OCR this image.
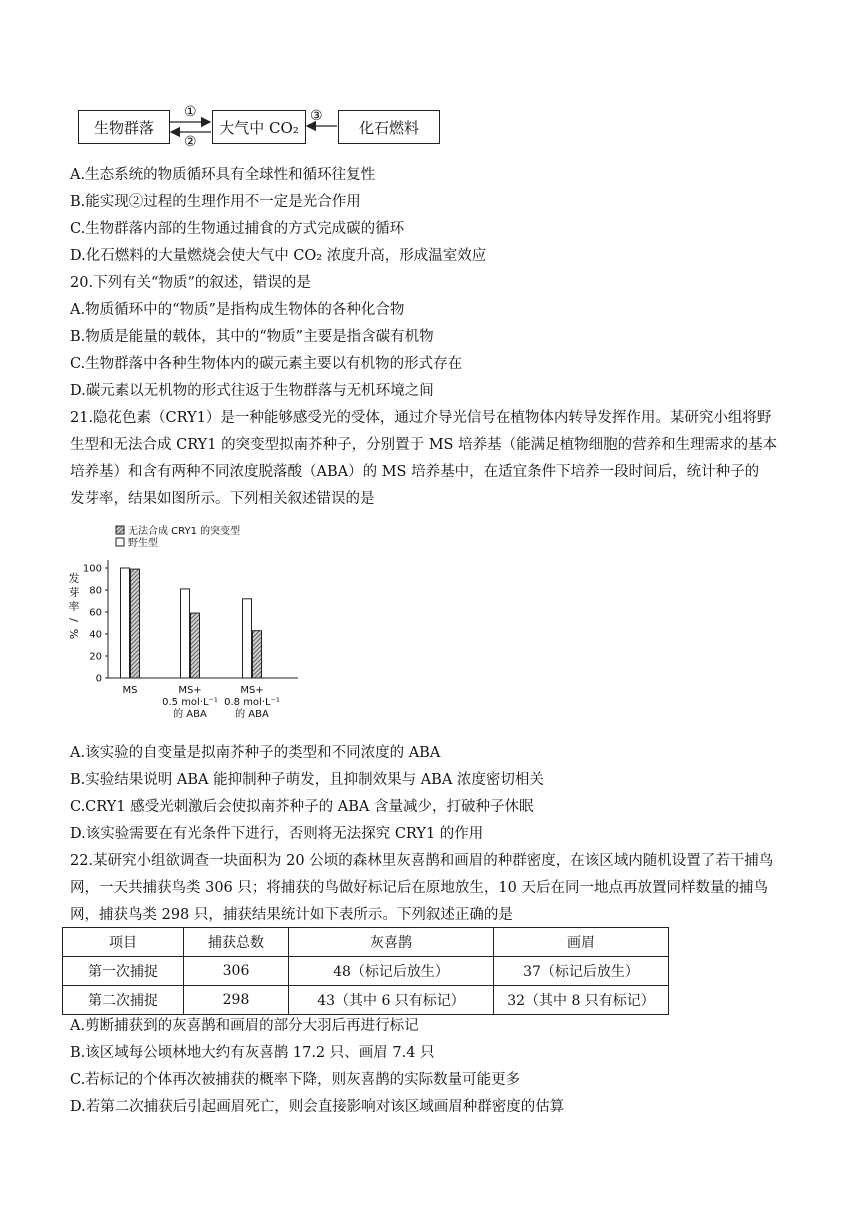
生物群落	大气中 CO₂	化石燃料
①
②
③
A.生态系统的物质循环具有全球性和循环往复性
B.能实现②过程的生理作用不一定是光合作用
C.生物群落内部的生物通过捕食的方式完成碳的循环
D.化石燃料的大量燃烧会使大气中 CO₂ 浓度升高，形成温室效应
20.下列有关“物质”的叙述，错误的是
A.物质循环中的“物质”是指构成生物体的各种化合物
B.物质是能量的载体，其中的“物质”主要是指含碳有机物
C.生物群落中各种生物体内的碳元素主要以有机物的形式存在
D.碳元素以无机物的形式往返于生物群落与无机环境之间
21.隐花色素（CRY1）是一种能够感受光的受体，通过介导光信号在植物体内转导发挥作用。某研究小组将野
生型和无法合成 CRY1 的突变型拟南芥种子，分别置于 MS 培养基（能满足植物细胞的营养和生理需求的基本
培养基）和含有两种不同浓度脱落酸（ABA）的 MS 培养基中，在适宜条件下培养一段时间后，统计种子的
发芽率，结果如图所示。下列相关叙述错误的是
0
20
40
60
80
100
发
芽
率
/
%
MS	MS+
0.5 mol·L⁻¹
的 ABA
MS+
0.8 mol·L⁻¹
的 ABA
无法合成 CRY1 的突变型
野生型
A.该实验的自变量是拟南芥种子的类型和不同浓度的 ABA
B.实验结果说明 ABA 能抑制种子萌发，且抑制效果与 ABA 浓度密切相关
C.CRY1 感受光刺激后会使拟南芥种子的 ABA 含量减少，打破种子休眠
D.该实验需要在有光条件下进行，否则将无法探究 CRY1 的作用
22.某研究小组欲调查一块面积为 20 公顷的森林里灰喜鹊和画眉的种群密度，在该区域内随机设置了若干捕鸟
网，一天共捕获鸟类 306 只；将捕获的鸟做好标记后在原地放生，10 天后在同一地点再放置同样数量的捕鸟
网，捕获鸟类 298 只，捕获结果统计如下表所示。下列叙述正确的是
项目	捕获总数	灰喜鹊	画眉
第一次捕捉	306	48（标记后放生）	37（标记后放生）
第二次捕捉	298	43（其中 6 只有标记）	32（其中 8 只有标记）
A.剪断捕获到的灰喜鹊和画眉的部分大羽后再进行标记
B.该区域每公顷林地大约有灰喜鹊 17.2 只、画眉 7.4 只
C.若标记的个体再次被捕获的概率下降，则灰喜鹊的实际数量可能更多
D.若第二次捕获后引起画眉死亡，则会直接影响对该区域画眉种群密度的估算
